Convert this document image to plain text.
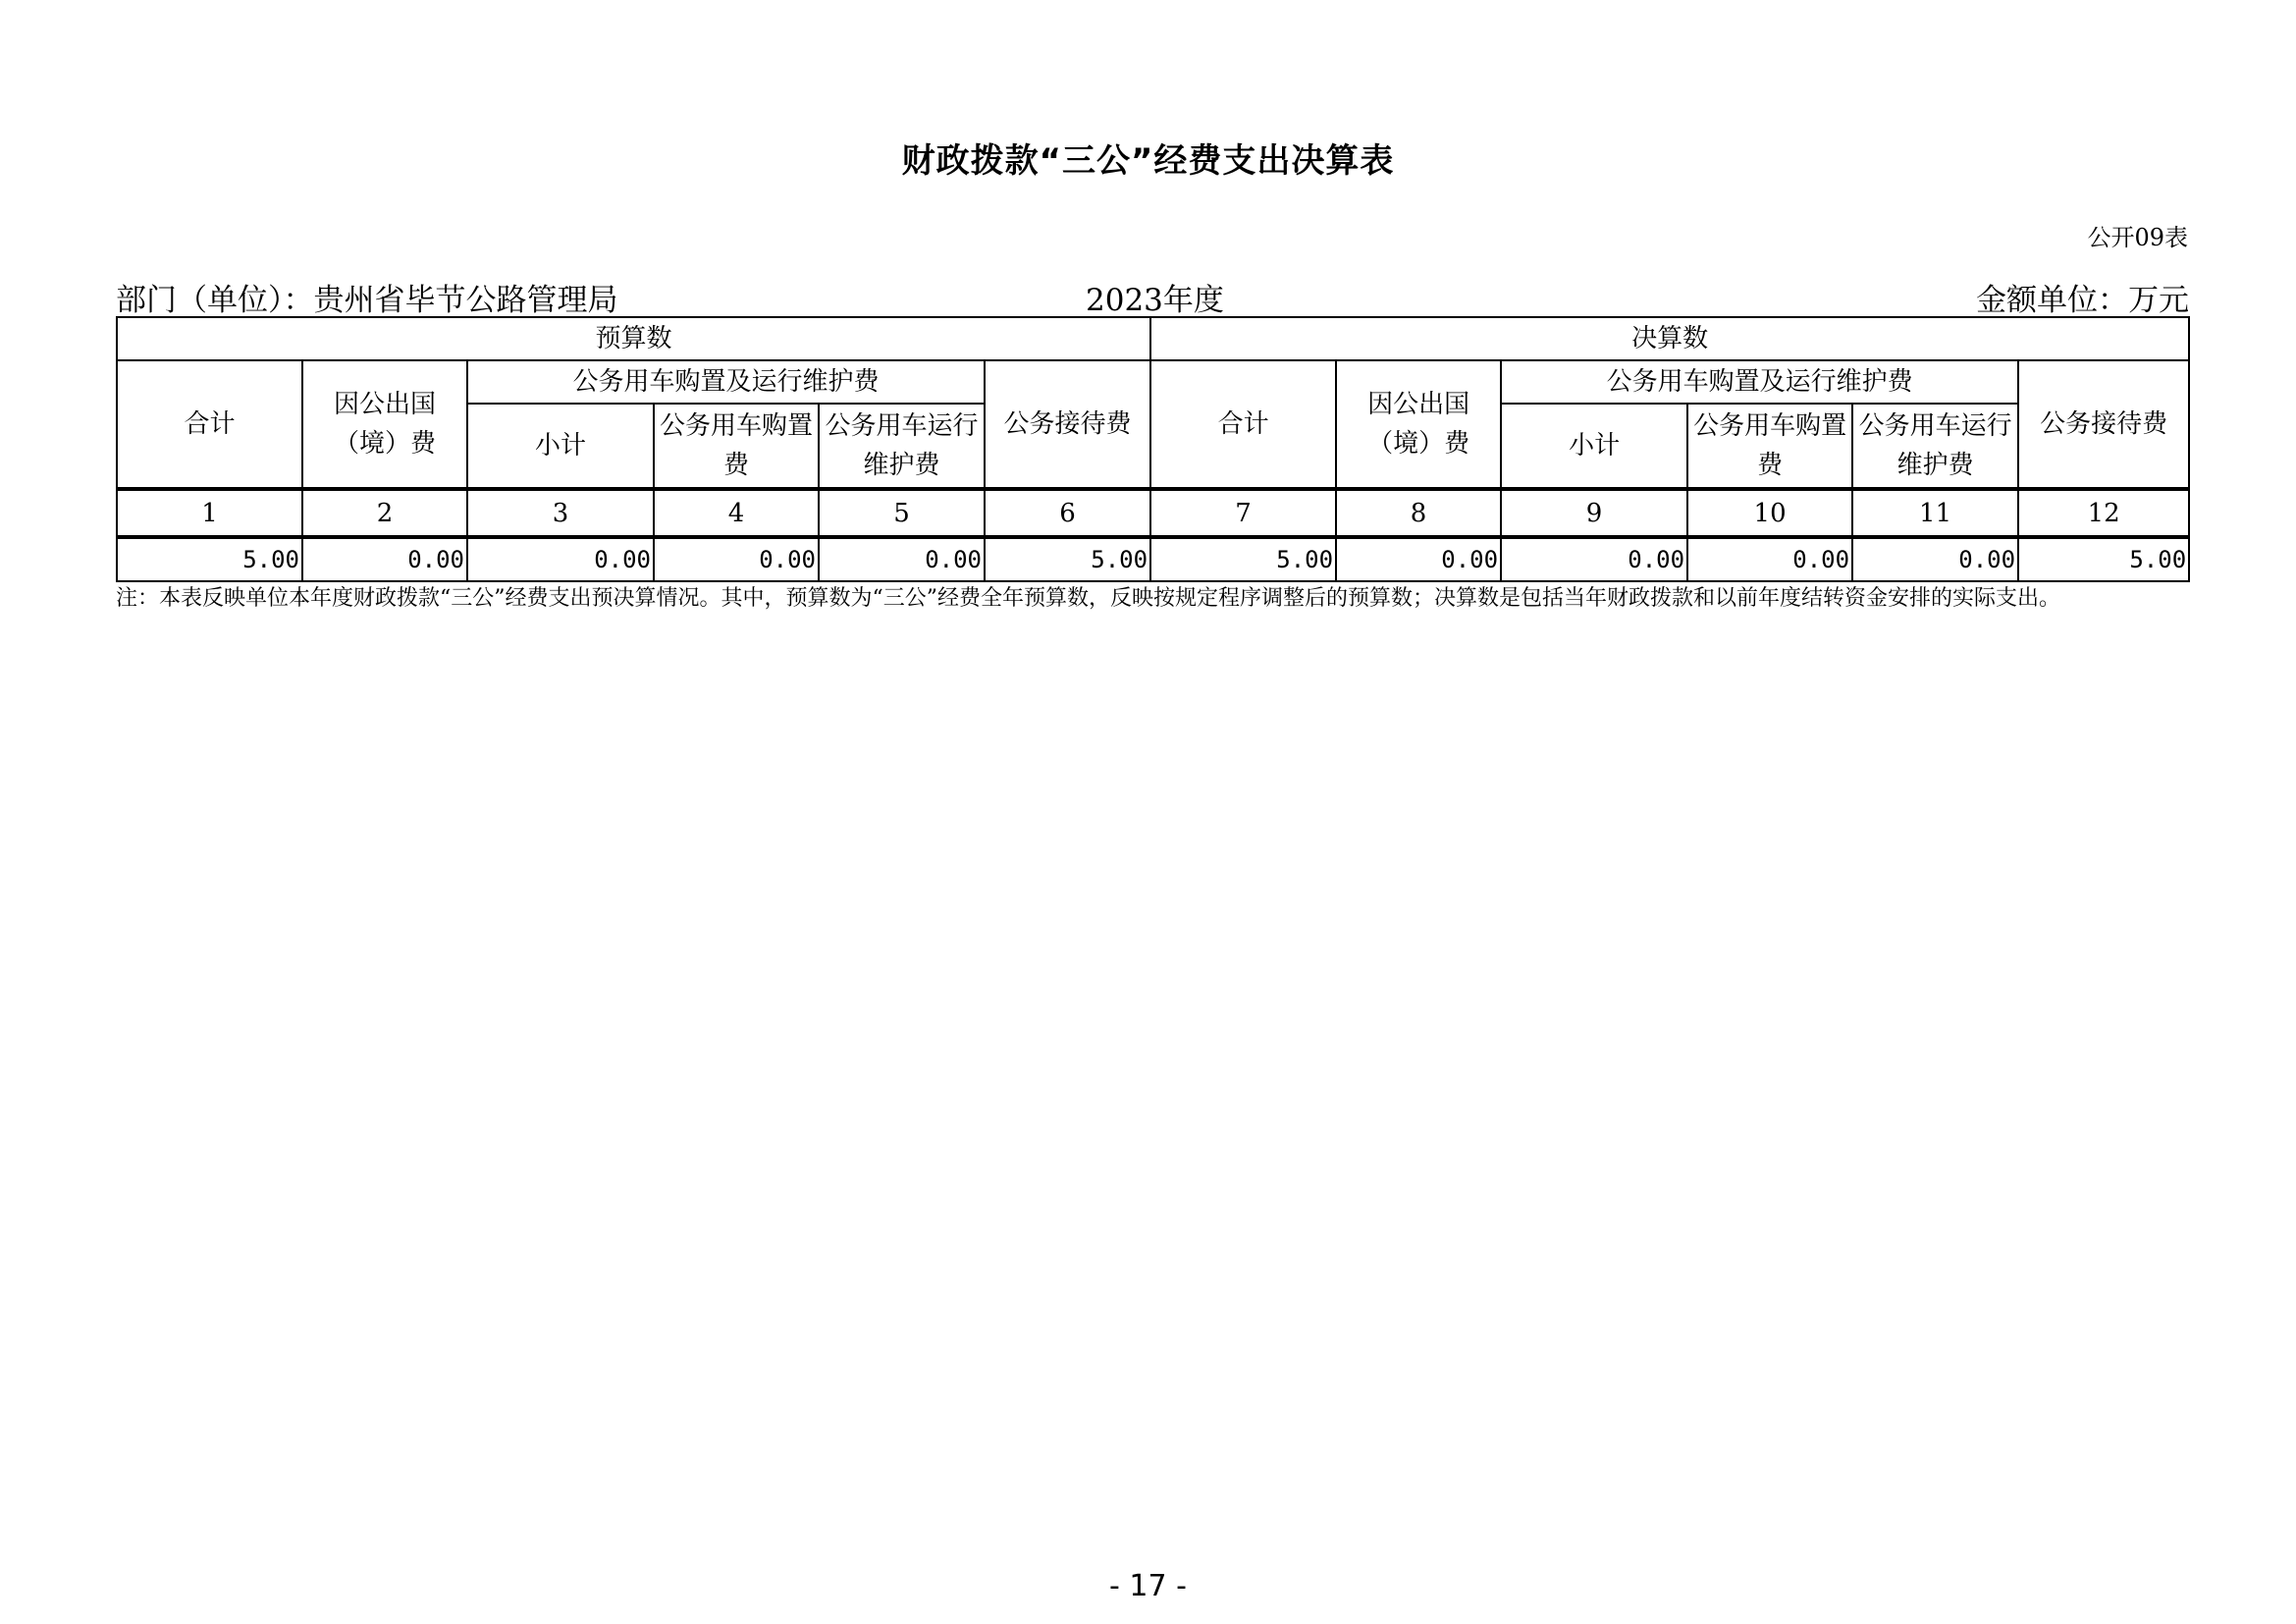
财政拨款“三公”经费支出决算表
公开09表
部门（单位）：贵州省毕节公路管理局	2023年度	金额单位：万元
预算数						决算数					
合计	因公出国（境）费	公务用车购置及运行维护费			公务接待费	合计	因公出国（境）费	公务用车购置及运行维护费			公务接待费
		小计	公务用车购置费	公务用车运行维护费				小计	公务用车购置费	公务用车运行维护费	
1	2	3	4	5	6	7	8	9	10	11	12
5.00	0.00	0.00	0.00	0.00	5.00	5.00	0.00	0.00	0.00	0.00	5.00
注：本表反映单位本年度财政拨款“三公”经费支出预决算情况。其中，预算数为“三公”经费全年预算数，反映按规定程序调整后的预算数；决算数是包括当年财政拨款和以前年度结转资金安排的实际支出。
- 17 -
